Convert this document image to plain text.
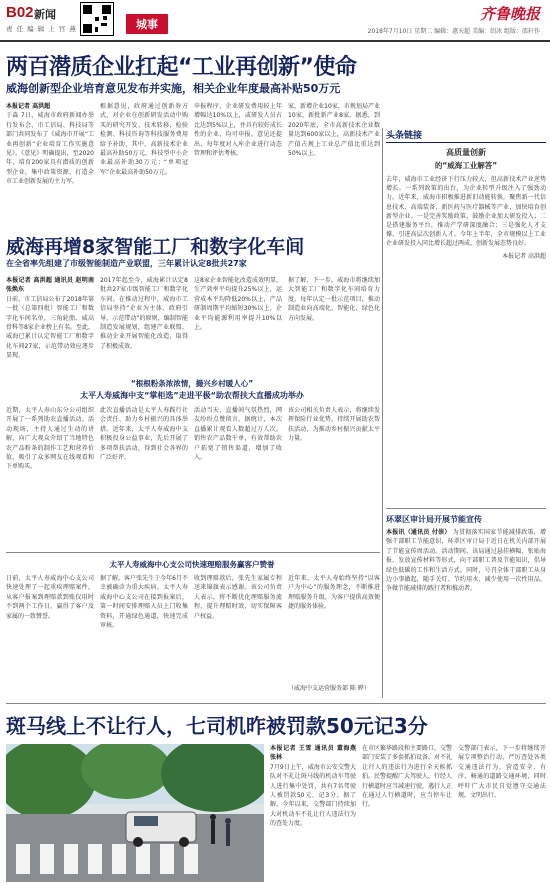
B02 新闻
责 任 编 辑 上 官 燕	城事
齐鲁晚报
2018年7月10日 星期二 编辑：惠天超 美编：绍冰 组版：邵轩作
两百潜质企业扛起“工业再创新”使命
威海创新型企业培育意见发布并实施，相关企业年度最高补贴50万元
本报记者 高洪超
于淼 7日，威海市政府新闻办举行发布会，市工信局、科技局等部门共同发布了《威海市开展“工业再创新”企业培育工作实施意见》。《意见》明确提出，至2020年，培育200家具有潜质的创新型企业，集中政策资源，打造全市工业创新发展的主力军。
根据意见，政府通过创新券方式，对企业在创新研发活动中购买的研究开发、技术转移、检验检测、科技咨询等科技服务费用给予补助，其中，高新技术企业最高补助50万元，科技型中小企业最高补助30万元；“单项冠军”企业最高补助50万元。
申报程序，企业研发费用较上年增幅达10%以上，或研发人员占比达到5%以上，并具有较好成长性的企业，均可申报。意见还提出，每年度对入库企业进行动态管理和评估考核。
家，新增企业10家，市规划局产业10家，新批新产业8家。据悉，到2020年底，全市高新技术企业数量达到600家以上，高新技术产业产值占规上工业总产值比重达到50%以上。
头条链接
高质量创新
的“威海工业解答”
去年，威海市工业经济下行压力较大，但高新技术产业逆势增长。一系列政策的出台，为企业转型升级注入了强劲动力。近年来，威海市积极推进新旧动能转换，聚焦新一代信息技术、高端装备、新医药与医疗器械等产业，加快培育创新型企业。一是完善奖励政策，鼓励企业加大研发投入；二是搭建服务平台，推动产学研深度融合；三是强化人才支撑，引进高层次创新人才。今年上半年，全市规模以上工业企业研发投入同比增长超过两成，创新发展态势良好。
本报记者 高洪超
威海再增8家智能工厂和数字化车间
在全省率先组建了市级智能制造产业联盟，三年累计认定8批共27家
本报记者 高洪超 通讯员 赵明南 张焕东
日前，市工信局公布了2018年第一批（总第四批）智能工厂和数字化车间名单，三角轮胎、威高骨科等8家企业榜上有名。至此，威海已累计认定智能工厂和数字化车间27家，示范带动效应逐步显现。
2017年起至今，威海累计认定8批共27家市级智能工厂和数字化车间。在推动过程中，威海市工信局坚持“企业为主体、政府引导、示范带动”的原则，编制智能制造发展规划，组建产业联盟，推动企业开展智能化改造，取得了积极成效。
这8家企业智能化改造成效明显，生产效率平均提升25%以上，运营成本平均降低20%以上，产品研制周期平均缩短30%以上，企业平均能源利用率提升10%以上。
据了解，下一步，威海市将继续加大智能工厂和数字化车间培育力度，每年认定一批示范项目，推动制造业向高端化、智能化、绿色化方向发展。
“根根粉条浓浓情，撮兴乡村暖人心”
太平人寿威海中支“掌柜选”走进平极“助农帮扶大直播成功举办
近期，太平人寿山东分公司组织开展了一系列助农直播活动。活动现场，主持人通过生动的讲解，向广大观众介绍了当地特色农产品粉条的制作工艺和营养价值，吸引了众多网友在线观看和下单购买。
此次直播活动是太平人寿践行社会责任、助力乡村振兴的具体举措。近年来，太平人寿威海中支积极投身公益事业，先后开展了多项帮扶活动，得到社会各界的广泛好评。
活动当天，直播间气氛热烈，网友纷纷点赞留言。据统计，本次直播累计观看人数超过万人次，销售农产品数千单，有效帮助农户拓宽了销售渠道，增加了收入。
该公司相关负责人表示，将继续发挥保险行业优势，持续开展助农帮扶活动，为推动乡村振兴贡献太平力量。
太平人寿威海中心支公司快速理赔服务赢客户赞誉
日前，太平人寿威海中心支公司快速处理了一起重疾理赔案件，从客户报案到理赔款到账仅用时不到两个工作日，赢得了客户及家属的一致赞誉。
据了解，客户张先生于今年6月不幸被确诊为重大疾病。太平人寿威海中心支公司在接到报案后，第一时间安排理赔人员上门收集资料，开通绿色通道，快速完成审核。
收到理赔款后，张先生家属专程送来锦旗表示感谢。该公司负责人表示，将不断优化理赔服务流程，提升理赔时效，切实保障客户权益。
近年来，太平人寿始终坚持“以客户为中心”的服务理念，不断推进理赔服务升级，为客户提供高效便捷的服务体验。
（威海中支运营服务部 陈 晔）
环翠区审计局开展节能宣传
本报讯（通讯员 付崇） 为贯彻落实国家节能减排政策，增强干部职工节能意识，环翠区审计局于近日在机关内部开展了节能宣传周活动。活动期间，该局通过悬挂横幅、张贴海报、发放宣传材料等形式，向干部职工普及节能知识，倡导绿色低碳的工作和生活方式。同时，号召全体干部职工从身边小事做起，随手关灯、节约用水、减少使用一次性用品，争做节能减排的践行者和推动者。
斑马线上不让行人，七司机昨被罚款50元记3分
本报记者 王雪 通讯员 董海燕 张林
7月9日上午，威海市公安交警大队对不礼让斑马线的机动车驾驶人进行集中处罚，共有7名驾驶人被罚款50元、记3分。据了解，今年以来，交警部门持续加大对机动车不礼让行人违法行为的查处力度。
在市区繁华路段和主要路口，交警部门安装了多套抓拍设备，对不礼让行人的违法行为进行全天候抓拍。民警提醒广大驾驶人，行经人行横道时应当减速行驶，遇行人正在通过人行横道时，应当停车让行。
交警部门表示，下一步将继续开展专项整治行动，严厉查处各类交通违法行为，营造安全、有序、畅通的道路交通环境，同时呼吁广大市民自觉遵守交通法规，文明出行。
